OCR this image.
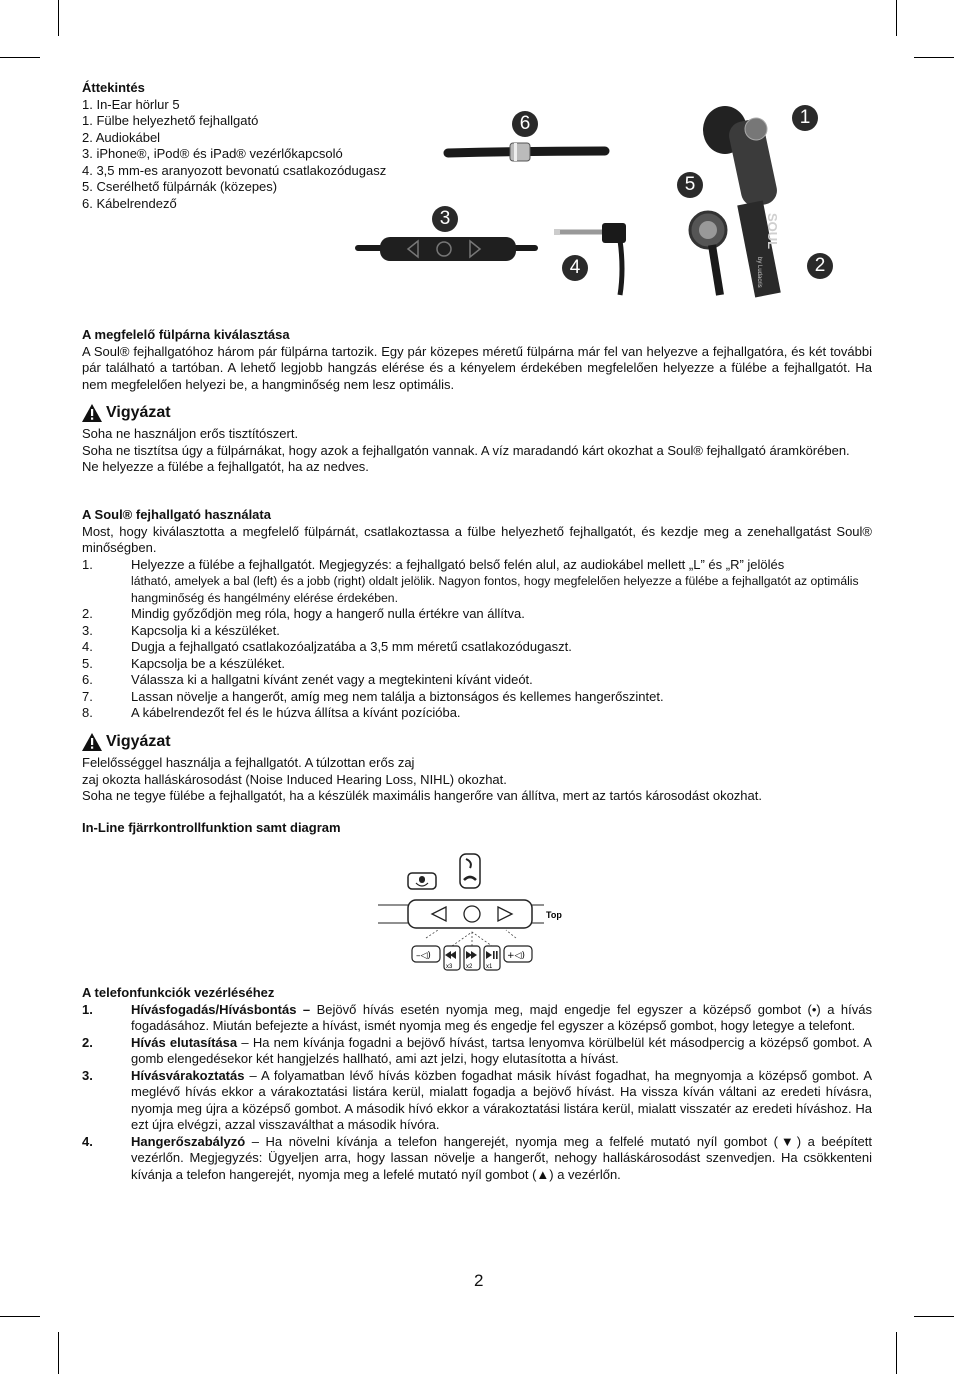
Áttekintés

1. In-Ear hörlur 5

1. Fülbe helyezhető fejhallgató

2. Audiokábel

3. iPhone®, iPod® és iPad® vezérlőkapcsoló

4. 3,5 mm-es aranyozott bevonatú csatlakozódugasz

5. Cserélhető fülpárnák (közepes)

6. Kábelrendező

SOUL
by Ludacris
1
2
3
4
5
6

A megfelelő fülpárna kiválasztása

A Soul® fejhallgatóhoz három pár fülpárna tartozik. Egy pár közepes méretű fülpárna már fel van helyezve a fejhallgatóra, és két további pár található a tartóban. A lehető legjobb hangzás elérése és a kényelem érdekében megfelelően helyezze a fülébe a fejhallgatót. Ha nem megfelelően helyezi be, a hangminőség nem lesz optimális.

Vigyázat

Soha ne használjon erős tisztítószert.

Soha ne tisztítsa úgy a fülpárnákat, hogy azok a fejhallgatón vannak. A víz maradandó kárt okozhat a Soul® fejhallgató áramkörében.

Ne helyezze a fülébe a fejhallgatót, ha az nedves.

A Soul® fejhallgató használata

Most, hogy kiválasztotta a megfelelő fülpárnát, csatlakoztassa a fülbe helyezhető fejhallgatót, és kezdje meg a zenehallgatást Soul® minőségben.

1.	Helyezze a fülébe a fejhallgatót. Megjegyzés: a fejhallgató belső felén alul, az audiokábel mellett „L” és „R” jelölés
látható, amelyek a bal (left) és a jobb (right) oldalt jelölik. Nagyon fontos, hogy megfelelően helyezze a fülébe a fejhallgatót az optimális hangminőség és hangélmény elérése érdekében.
2.	Mindig győződjön meg róla, hogy a hangerő nulla értékre van állítva.
3.	Kapcsolja ki a készüléket.
4.	Dugja a fejhallgató csatlakozóaljzatába a 3,5 mm méretű csatlakozódugaszt.
5.	Kapcsolja be a készüléket.
6.	Válassza ki a hallgatni kívánt zenét vagy a megtekinteni kívánt videót.
7.	Lassan növelje a hangerőt, amíg meg nem találja a biztonságos és kellemes hangerőszintet.
8.	A kábelrendezőt fel és le húzva állítsa a kívánt pozícióba.
Vigyázat

Felelősséggel használja a fejhallgatót. A túlzottan erős zaj

zaj okozta halláskárosodást (Noise Induced Hearing Loss, NIHL) okozhat.

Soha ne tegye fülébe a fejhallgatót, ha a készülék maximális hangerőre van állítva, mert az tartós károsodást okozhat.

In-Line fjärrkontrollfunktion samt diagram

Top
–◁)
x3 x2 x1
+◁)

A telefonfunkciók vezérléséhez

1.	Hívásfogadás/Hívásbontás – Bejövő hívás esetén nyomja meg, majd engedje fel egyszer a középső gombot (•) a hívás fogadásához. Miután befejezte a hívást, ismét nyomja meg és engedje fel egyszer a középső gombot, hogy letegye a telefont.
2.	Hívás elutasítása – Ha nem kívánja fogadni a bejövő hívást, tartsa lenyomva körülbelül két másodpercig a középső gombot. A gomb elengedésekor két hangjelzés hallható, ami azt jelzi, hogy elutasította a hívást.
3.	Hívásvárakoztatás – A folyamatban lévő hívás közben fogadhat másik hívást fogadhat, ha megnyomja a középső gombot. A meglévő hívás ekkor a várakoztatási listára kerül, mialatt fogadja a bejövő hívást. Ha vissza kíván váltani az eredeti hívásra, nyomja meg újra a középső gombot. A második hívó ekkor a várakoztatási listára kerül, mialatt visszatér az eredeti híváshoz. Ha ezt újra elvégzi, azzal visszaválthat a második hívóra.
4.	Hangerőszabályzó – Ha növelni kívánja a telefon hangerejét, nyomja meg a felfelé mutató nyíl gombot (▼) a beépített vezérlőn. Megjegyzés: Ügyeljen arra, hogy lassan növelje a hangerőt, nehogy halláskárosodást szenvedjen. Ha csökkenteni kívánja a telefon hangerejét, nyomja meg a lefelé mutató nyíl gombot (▲) a vezérlőn.
2
